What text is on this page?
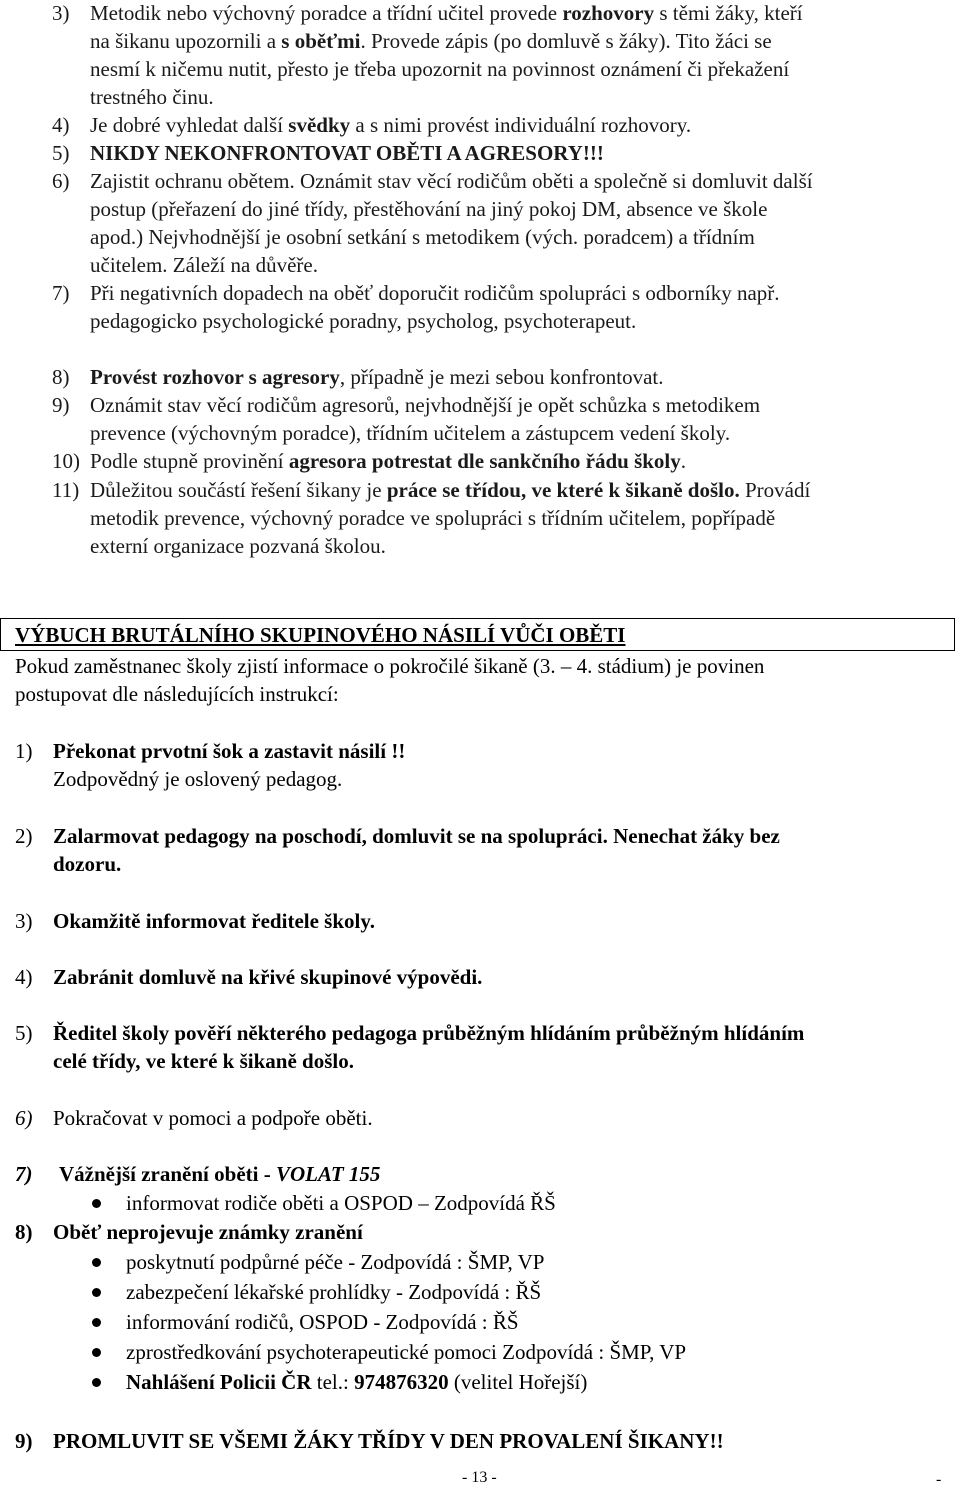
3) Metodik nebo výchovný poradce a třídní učitel provede rozhovory s těmi žáky, kteří
na šikanu upozornili a s oběťmi. Provede zápis (po domluvě s žáky). Tito žáci se
nesmí k ničemu nutit, přesto je třeba upozornit na povinnost oznámení či překažení
trestného činu.
4) Je dobré vyhledat další svědky a s nimi provést individuální rozhovory.
5) NIKDY NEKONFRONTOVAT OBĚTI A AGRESORY!!!
6) Zajistit ochranu obětem. Oznámit stav věcí rodičům oběti a společně si domluvit další
postup (přeřazení do jiné třídy, přestěhování na jiný pokoj DM, absence ve škole
apod.) Nejvhodnější je osobní setkání s metodikem (vých. poradcem) a třídním
učitelem. Záleží na důvěře.
7) Při negativních dopadech na oběť doporučit rodičům spolupráci s odborníky např.
pedagogicko psychologické poradny, psycholog, psychoterapeut.
8) Provést rozhovor s agresory, případně je mezi sebou konfrontovat.
9) Oznámit stav věcí rodičům agresorů, nejvhodnější je opět schůzka s metodikem
prevence (výchovným poradce), třídním učitelem a zástupcem vedení školy.
10) Podle stupně provinění agresora potrestat dle sankčního řádu školy.
11) Důležitou součástí řešení šikany je práce se třídou, ve které k šikaně došlo. Provádí
metodik prevence, výchovný poradce ve spolupráci s třídním učitelem, popřípadě
externí organizace pozvaná školou.
VÝBUCH BRUTÁLNÍHO SKUPINOVÉHO NÁSILÍ VŮČI OBĚTI
Pokud zaměstnanec školy zjistí informace o pokročilé šikaně (3. – 4. stádium) je povinen
postupovat dle následujících instrukcí:
1) Překonat prvotní šok a zastavit násilí !!
Zodpovědný je oslovený pedagog.
2) Zalarmovat pedagogy na poschodí, domluvit se na spolupráci. Nenechat žáky bez
dozoru.
3) Okamžitě informovat ředitele školy.
4) Zabránit domluvě na křivé skupinové výpovědi.
5) Ředitel školy pověří některého pedagoga průběžným hlídáním průběžným hlídáním
celé třídy, ve které k šikaně došlo.
6) Pokračovat v pomoci a podpoře oběti.
7) Vážnější zranění oběti - VOLAT 155
informovat rodiče oběti a OSPOD – Zodpovídá ŘŠ
8) Oběť neprojevuje známky zranění
poskytnutí podpůrné péče - Zodpovídá : ŠMP, VP
zabezpečení lékařské prohlídky - Zodpovídá : ŘŠ
informování rodičů, OSPOD - Zodpovídá : ŘŠ
zprostředkování psychoterapeutické pomoci Zodpovídá : ŠMP, VP
Nahlášení Policii ČR tel.: 974876320 (velitel Hořejší)
9) PROMLUVIT SE VŠEMI ŽÁKY TŘÍDY V DEN PROVALENÍ ŠIKANY!!
- 13 -	-
